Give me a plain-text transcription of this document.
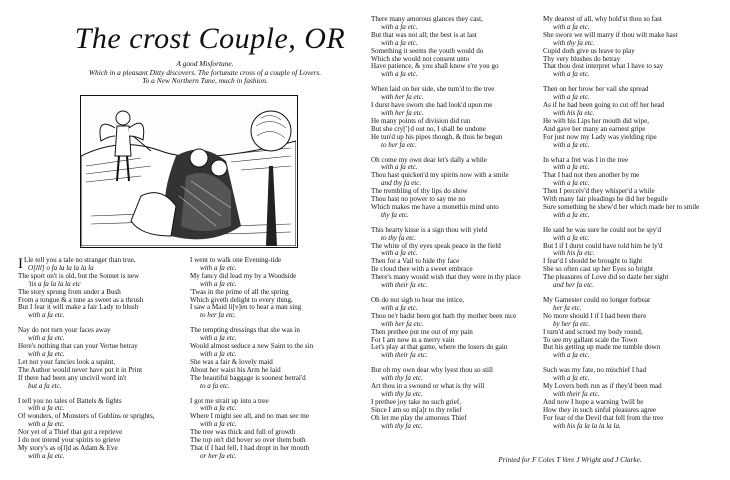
The crost Couple, OR
A good Misfortune.
Which in a pleasant Ditty discovers. The fortunate cross of a couple of Lovers.
To a New Northern Tune, much in fashion.
I Lle tell you a tale no stranger than true,
O[lll] o fa la la la la la
The sport on't is old, but the Sonnet is new
'tis a fa la la la etc
The story sprung from under a Bush
From a tongue & a tune as sweet as a thrush
But I fear it will make a fair Lady to blush
with a fa etc.
Nay do not turn your faces away
with a fa etc.
Here's nothing that can your Vertue betray
with a fa etc.
Let not your fancies look a squint,
The Author would never have put it in Print
If there had been any uncivil word in't
but a fa etc.
I tell you no tales of Battels & fights
with a fa etc.
Of wonders, of Monsters of Goblins or sprights,
with a fa etc.
Nor yet of a Thief that got a reprieve
I do not intend your spirits to grieve
My story's as o[l]d as Adam & Eve
with a fa etc.
I went to walk one Evening-tide
with a fa etc.
My fancy did lead my by a Woodside
with a fa etc.
'Twas in the prime of all the spring
Which giveth delight to every thing,
I saw a Maid li[v]en to hear a man sing
to her fa etc.
The tempting dressings that she was in
with a fa etc.
Would almost seduce a new Saint to the sin
with a fa etc.
She was a fair & lovely maid
About her waist his Arm he laid
The beautiful baggage is soonest betrai'd
to a fa etc.
I got me strait up into a tree
with a fa etc.
Where I might see all, and no man see me
with a fa etc.
The tree was thick and full of growth
The top on't did hover so over them both
That if I had fell, I had dropt in her mouth
or her fa etc.
There many amorous glances they cast,
with a fa etc.
But that was not all; the best is at last
with a fa etc.
Something it seems the youth would do
Which she would not consent unto
Have patience, & you shall know e're you go
with a fa etc.
When laid on her side, she turn'd to the tree
with her fa etc.
I durst have sworn she had look'd upon me
with her fa etc.
He many points of division did run
But she cry['}d out no, I shall be undone
He tun'd up his pipes though, & thus he begun
to her fa etc.
Oh come my own dear let's dally a while
with a fa etc.
Thou hast quicken'd my spirits now with a smile
and thy fa etc.
The trembling of thy lips do show
Thou hast no power to say me no
Which makes me have a monethis mind unto
thy fa etc.
This hearty kisse is a sign thou wilt yield
to thy fa etc.
The white of thy eyes speak peace in the field
with a fa etc.
Then for a Vail to hide thy face
Ile cloud thee with a sweet embrace
There's many would wish that they were in thy place
with their fa etc.
Oh do not sigh to hear me intice,
with a fa etc.
Thou ne'r hadst been got hath thy mother been nice
with her fa etc.
Then prethee put me out of my pain
For I am now in a merry vain
Let's play at that game, where the losers do gain
with their fa etc.
But oh my own dear why lyest thou so still
with thy fa etc.
Art thou in a swound or what is thy will
with thy fa etc.
I prethee joy take no such grief,
Since I am so m[a]r to thy relief
Oh let me play the amorous Thief
with thy fa etc.
My dearest of all, why hold'st thou so fast
with a fa etc.
She swore we will marry if thou wilt make hast
with thy fa etc.
Cupid doth give us leave to play
Thy very blushes do betray
That thou dost interpret what I have to say
with a fa etc.
Then on her brow her vail she spread
with a fa etc.
As if he had been going to cut off her head
with his fa etc.
He with his Lips her mouth did wipe,
And gave her many an earnest gripe
For just now my Lady was yielding ripe
with a fa etc.
In what a fret was I in the tree
with a fa etc.
That I had not then another by me
with a fa etc.
Then I perceiv'd they whisper'd a while
With many fair pleadings he did her beguile
Sure something he shew'd her which made her to smile
with a fa etc.
He said he was sure he could not be spy'd
with a fa etc.
But I if I durst could have told him he ly'd
with his fa etc.
I fear'd I should be brought to light
She so often cast up her Eyes so bright
The pleasures of Love did so dazle her sight
and her fa etc.
My Gamester could no longer forbear
her fa etc.
No more should I if I had been there
by her fa etc.
I turn'd and scrued my body round,
To see my gallant scale the Town
But his getting up made me tumble down
with a fa etc.
Such was my fate, no mischief I had
with a fa etc.
My Lovers both run as if they'd been mad
with their fa etc.
And now I hope a warning 'twill be
How they in such sinful pleasures agree
For fear of the Devil that fell from the tree
with his fa la la la la la.
Printed for F Coles T Vere J Wright and J Clarke.
